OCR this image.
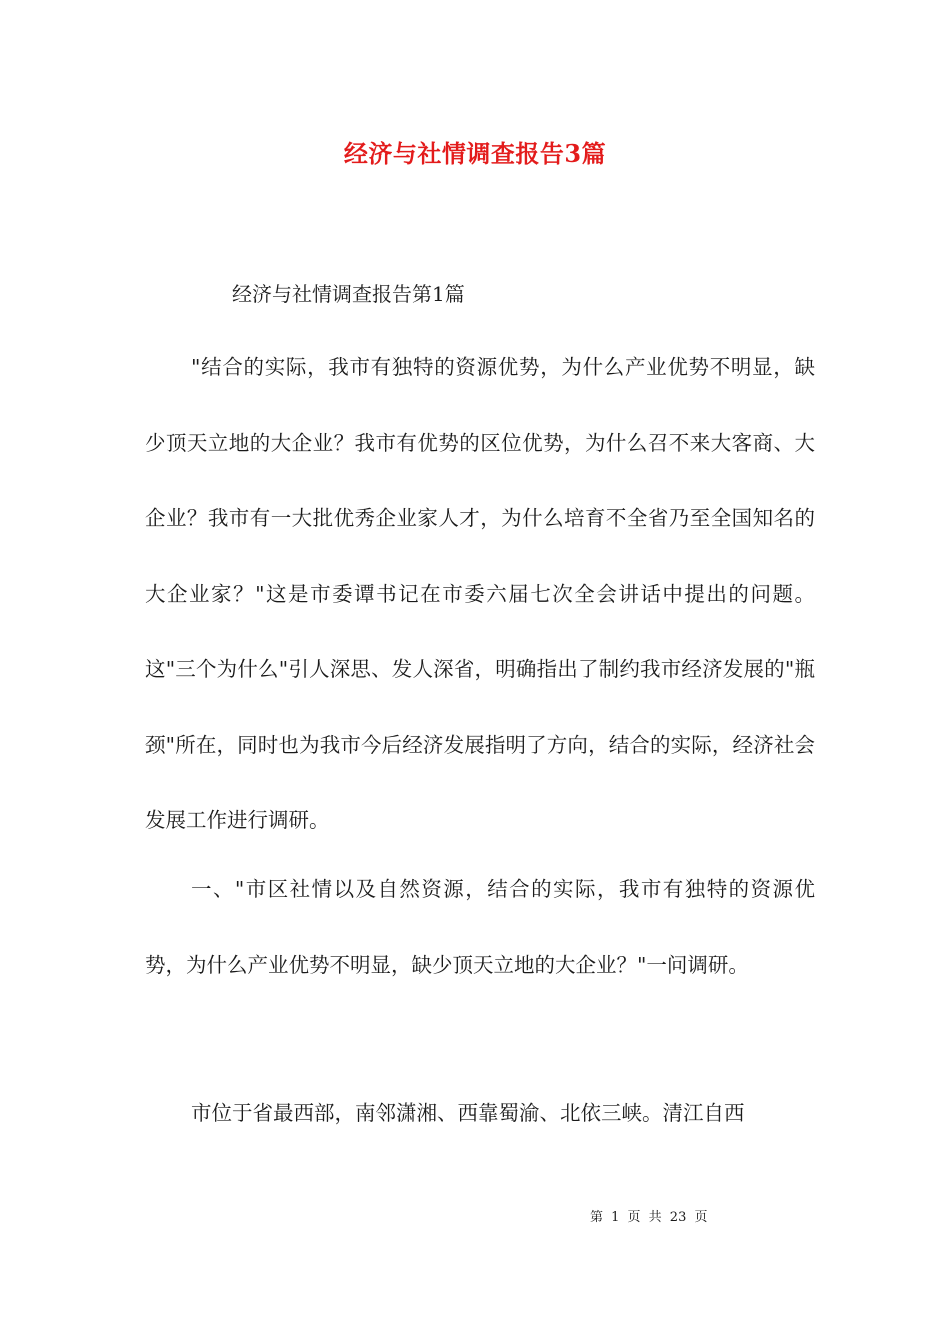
经济与社情调查报告3篇
经济与社情调查报告第1篇
"结合的实际，我市有独特的资源优势，为什么产业优势不明显，缺少顶天立地的大企业？我市有优势的区位优势，为什么召不来大客商、大企业？我市有一大批优秀企业家人才，为什么培育不全省乃至全国知名的大企业家？"这是市委谭书记在市委六届七次全会讲话中提出的问题。这"三个为什么"引人深思、发人深省，明确指出了制约我市经济发展的"瓶颈"所在，同时也为我市今后经济发展指明了方向，结合的实际，经济社会发展工作进行调研。
一、"市区社情以及自然资源，结合的实际，我市有独特的资源优势，为什么产业优势不明显，缺少顶天立地的大企业？"一问调研。
市位于省最西部，南邻潇湘、西靠蜀渝、北依三峡。清江自西
第 1 页 共 23 页
